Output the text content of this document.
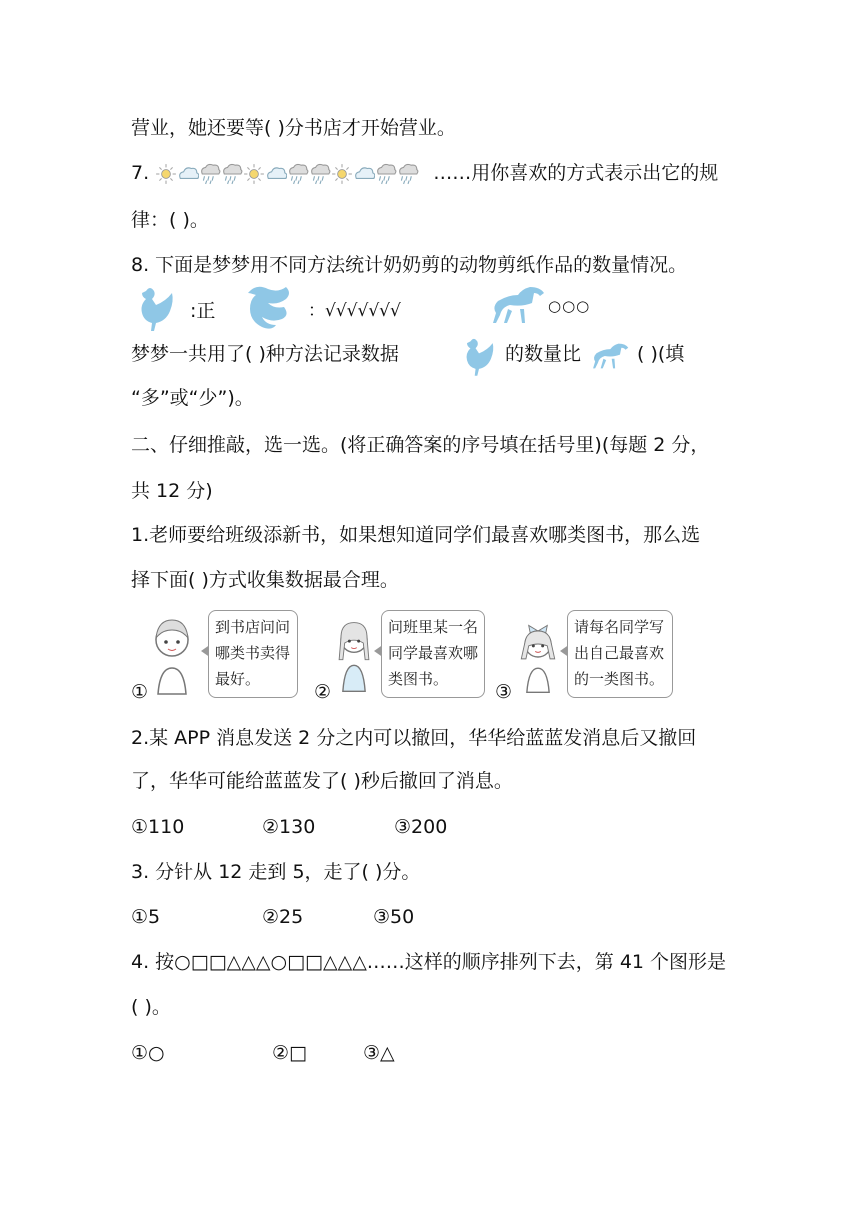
营业，她还要等( )分书店才开始营业。
7.	……用你喜欢的方式表示出它的规
律：( )。
8. 下面是梦梦用不同方法统计奶奶剪的动物剪纸作品的数量情况。
:正	：√√√√√√√	○○○
梦梦一共用了( )种方法记录数据	的数量比	( )(填
“多”或“少”)。
二、仔细推敲，选一选。(将正确答案的序号填在括号里)(每题 2 分，
共 12 分)
1.老师要给班级添新书，如果想知道同学们最喜欢哪类图书，那么选
择下面( )方式收集数据最合理。
①
到书店问问
哪类书卖得
最好。
②
问班里某一名
同学最喜欢哪
类图书。
③
请每名同学写
出自己最喜欢
的一类图书。
2.某 APP 消息发送 2 分之内可以撤回，华华给蓝蓝发消息后又撤回
了，华华可能给蓝蓝发了( )秒后撤回了消息。
①110	②130	③200
3. 分针从 12 走到 5，走了( )分。
①5	②25	③50
4. 按○□□△△△○□□△△△……这样的顺序排列下去，第 41 个图形是
( )。
①○	②□	③△
